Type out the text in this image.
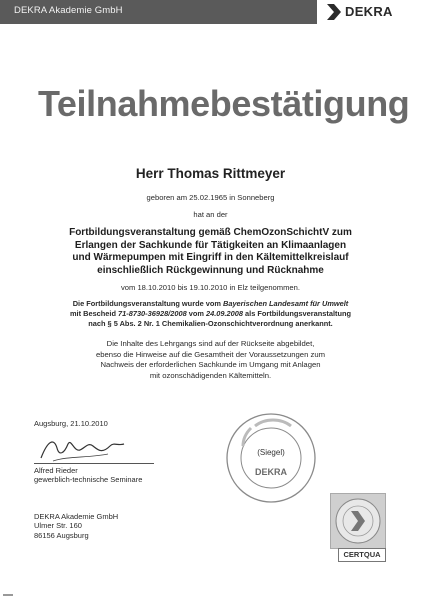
DEKRA Akademie GmbH	DEKRA
Teilnahmebestätigung
Herr Thomas Rittmeyer
geboren am 25.02.1965 in Sonneberg
hat an der
Fortbildungsveranstaltung gemäß ChemOzonSchichtV zum
Erlangen der Sachkunde für Tätigkeiten an Klimaanlagen
und Wärmepumpen mit Eingriff in den Kältemittelkreislauf
einschließlich Rückgewinnung und Rücknahme
vom 18.10.2010 bis 19.10.2010 in Elz teilgenommen.
Die Fortbildungsveranstaltung wurde vom Bayerischen Landesamt für Umwelt
mit Bescheid 71-8730-36928/2008 vom 24.09.2008 als Fortbildungsveranstaltung
nach § 5 Abs. 2 Nr. 1 Chemikalien-Ozonschichtverordnung anerkannt.
Die Inhalte des Lehrgangs sind auf der Rückseite abgebildet,
ebenso die Hinweise auf die Gesamtheit der Voraussetzungen zum
Nachweis der erforderlichen Sachkunde im Umgang mit Anlagen
mit ozonschädigenden Kältemitteln.
Augsburg, 21.10.2010
Alfred Rieder
gewerblich-technische Seminare
DEKRA Akademie GmbH
Ulmer Str. 160
86156 Augsburg
(Siegel)
DEKRA
CERTQUA
